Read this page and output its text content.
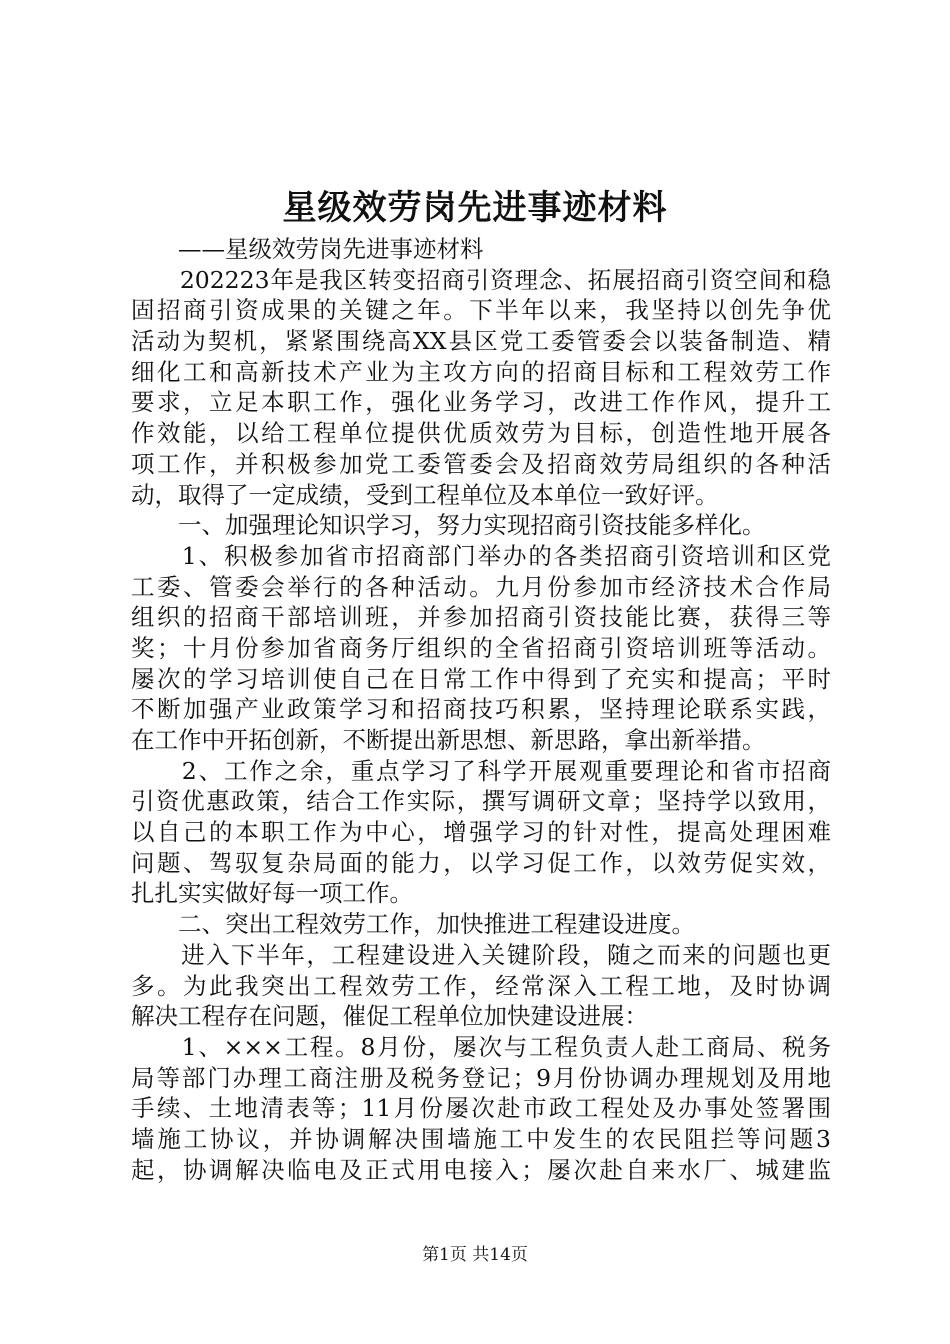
星级效劳岗先进事迹材料
　　——星级效劳岗先进事迹材料
　　202223年是我区转变招商引资理念、拓展招商引资空间和稳
固招商引资成果的关键之年。下半年以来，我坚持以创先争优
活动为契机，紧紧围绕高XX县区党工委管委会以装备制造、精
细化工和高新技术产业为主攻方向的招商目标和工程效劳工作
要求，立足本职工作，强化业务学习，改进工作作风，提升工
作效能，以给工程单位提供优质效劳为目标，创造性地开展各
项工作，并积极参加党工委管委会及招商效劳局组织的各种活
动，取得了一定成绩，受到工程单位及本单位一致好评。
　　一、加强理论知识学习，努力实现招商引资技能多样化。
　　1、积极参加省市招商部门举办的各类招商引资培训和区党
工委、管委会举行的各种活动。九月份参加市经济技术合作局
组织的招商干部培训班，并参加招商引资技能比赛，获得三等
奖；十月份参加省商务厅组织的全省招商引资培训班等活动。
屡次的学习培训使自己在日常工作中得到了充实和提高；平时
不断加强产业政策学习和招商技巧积累，坚持理论联系实践，
在工作中开拓创新，不断提出新思想、新思路，拿出新举措。
　　2、工作之余，重点学习了科学开展观重要理论和省市招商
引资优惠政策，结合工作实际，撰写调研文章；坚持学以致用，
以自己的本职工作为中心，增强学习的针对性，提高处理困难
问题、驾驭复杂局面的能力，以学习促工作，以效劳促实效，
扎扎实实做好每一项工作。
　　二、突出工程效劳工作，加快推进工程建设进度。
　　进入下半年，工程建设进入关键阶段，随之而来的问题也更
多。为此我突出工程效劳工作，经常深入工程工地，及时协调
解决工程存在问题，催促工程单位加快建设进展：
　　1、×××工程。8月份，屡次与工程负责人赴工商局、税务
局等部门办理工商注册及税务登记；9月份协调办理规划及用地
手续、土地清表等；11月份屡次赴市政工程处及办事处签署围
墙施工协议，并协调解决围墙施工中发生的农民阻拦等问题3
起，协调解决临电及正式用电接入；屡次赴自来水厂、城建监
第1页 共14页
